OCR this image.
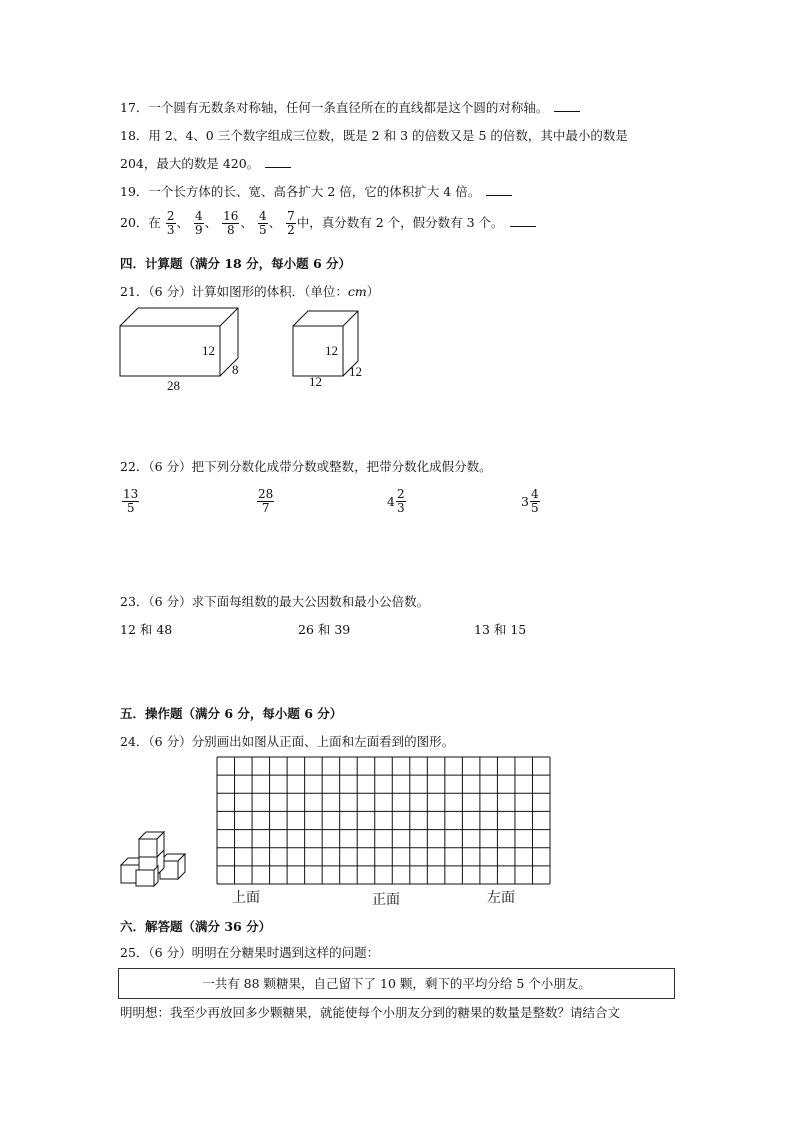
17．一个圆有无数条对称轴，任何一条直径所在的直线都是这个圆的对称轴。
18．用 2、4、0 三个数字组成三位数，既是 2 和 3 的倍数又是 5 的倍数，其中最小的数是
204，最大的数是 420。
19．一个长方体的长、宽、高各扩大 2 倍，它的体积扩大 4 倍。
20．在 $\frac{2}{3}$ 、 $\frac{4}{9}$ 、 $\frac{16}{8}$ 、 $\frac{4}{5}$ 、 $\frac{7}{2}$ 中，真分数有 2 个，假分数有 3 个。
四．计算题（满分 18 分，每小题 6 分）
21．（6 分）计算如图形的体积．（单位：cm）
12
8
28
12
12
12
22．（6 分）把下列分数化成带分数或整数，把带分数化成假分数。
$\frac{13}{5}$	$\frac{28}{7}$	$4 \frac{2}{3}$	$3 \frac{4}{5}$
23．（6 分）求下面每组数的最大公因数和最小公倍数。
12 和 48	26 和 39	13 和 15
五．操作题（满分 6 分，每小题 6 分）
24．（6 分）分别画出如图从正面、上面和左面看到的图形。
上面	正面	左面
六．解答题（满分 36 分）
25．（6 分）明明在分糖果时遇到这样的问题：
一共有 88 颗糖果，自己留下了 10 颗，剩下的平均分给 5 个小朋友。
明明想：我至少再放回多少颗糖果，就能使每个小朋友分到的糖果的数量是整数？请结合文
